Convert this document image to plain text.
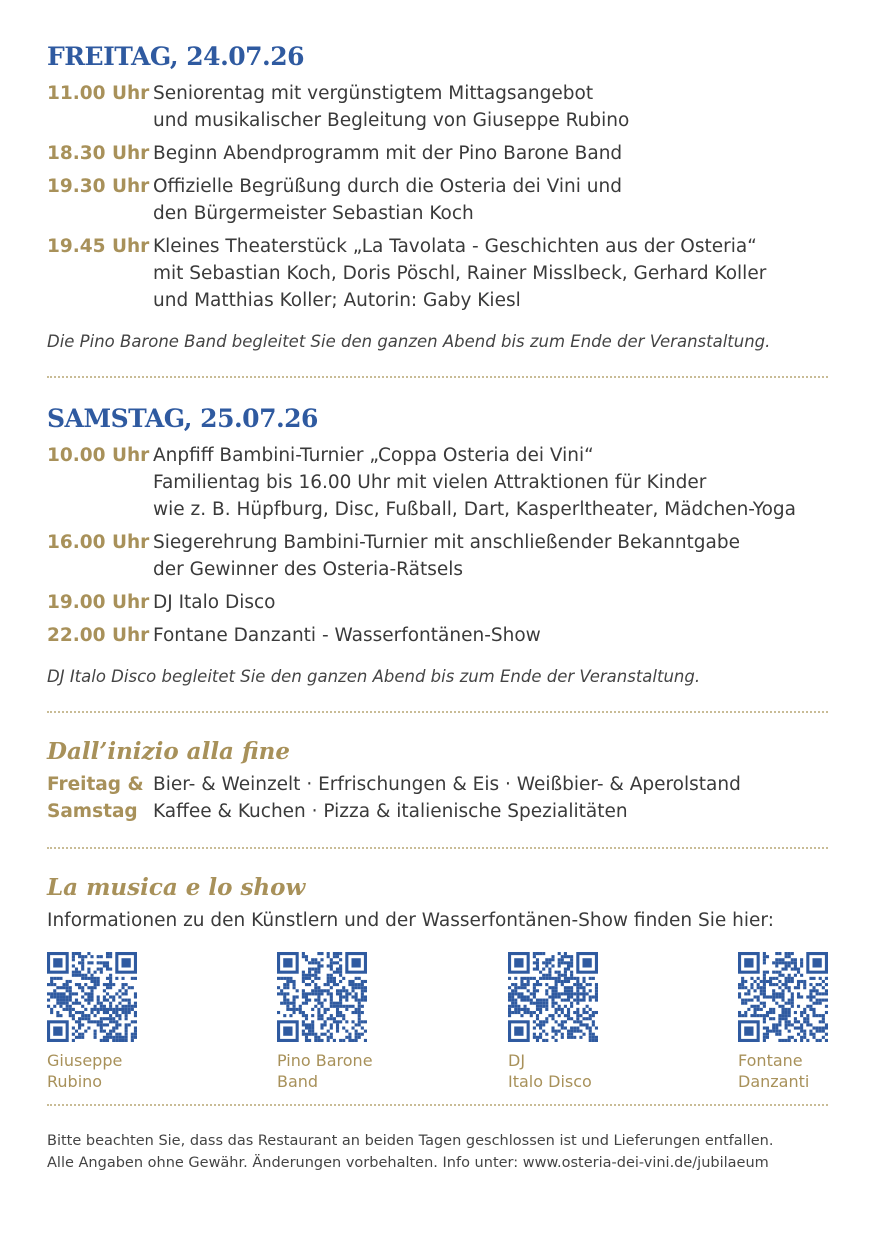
FREITAG, 24.07.26
11.00 Uhr Seniorentag mit vergünstigtem Mittagsangebot
und musikalischer Begleitung von Giuseppe Rubino
18.30 Uhr Beginn Abendprogramm mit der Pino Barone Band
19.30 Uhr Offizielle Begrüßung durch die Osteria dei Vini und
den Bürgermeister Sebastian Koch
19.45 Uhr Kleines Theaterstück „La Tavolata - Geschichten aus der Osteria“
mit Sebastian Koch, Doris Pöschl, Rainer Misslbeck, Gerhard Koller
und Matthias Koller; Autorin: Gaby Kiesl

Die Pino Barone Band begleitet Sie den ganzen Abend bis zum Ende der Veranstaltung.

SAMSTAG, 25.07.26
10.00 Uhr Anpfiff Bambini-Turnier „Coppa Osteria dei Vini“
Familientag bis 16.00 Uhr mit vielen Attraktionen für Kinder
wie z. B. Hüpfburg, Disc, Fußball, Dart, Kasperltheater, Mädchen-Yoga
16.00 Uhr Siegerehrung Bambini-Turnier mit anschließender Bekanntgabe
der Gewinner des Osteria-Rätsels
19.00 Uhr DJ Italo Disco
22.00 Uhr Fontane Danzanti - Wasserfontänen-Show

DJ Italo Disco begleitet Sie den ganzen Abend bis zum Ende der Veranstaltung.

Dall’inizio alla fine
Freitag &
Samstag
Bier- & Weinzelt · Erfrischungen & Eis · Weißbier- & Aperolstand
Kaffee & Kuchen · Pizza & italienische Spezialitäten
La musica e lo show
Informationen zu den Künstlern und der Wasserfontänen-Show finden Sie hier:
Giuseppe
Rubino
Pino Barone
Band
DJ
Italo Disco
Fontane
Danzanti
Bitte beachten Sie, dass das Restaurant an beiden Tagen geschlossen ist und Lieferungen entfallen.
Alle Angaben ohne Gewähr. Änderungen vorbehalten. Info unter: www.osteria-dei-vini.de/jubilaeum
